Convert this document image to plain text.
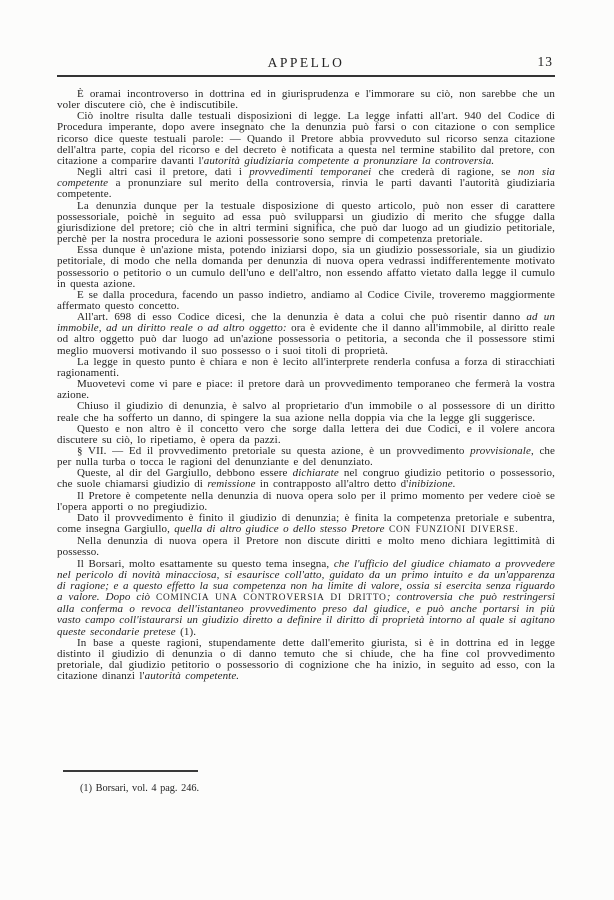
APPELLO	13

È oramai incontroverso in dottrina ed in giurisprudenza e l'immorare su ciò, non sarebbe che un voler discutere ciò, che è indiscutibile.

Ciò inoltre risulta dalle testuali disposizioni di legge. La legge infatti all'art. 940 del Codice di Procedura imperante, dopo avere insegnato che la denunzia può farsi o con citazione o con semplice ricorso dice queste testuali parole: — Quando il Pretore abbia provveduto sul ricorso senza citazione dell'altra parte, copia del ricorso e del decreto è notificata a questa nel termine stabilito dal pretore, con citazione a comparire davanti l'autorità giudiziaria competente a pronunziare la controversia.

Negli altri casi il pretore, dati i provvedimenti temporanei che crederà di ragione, se non sia competente a pronunziare sul merito della controversia, rinvia le parti davanti l'autorità giudiziaria competente.

La denunzia dunque per la testuale disposizione di questo articolo, può non esser di carattere possessoriale, poichè in seguito ad essa può svilupparsi un giudizio di merito che sfugge dalla giurisdizione del pretore; ciò che in altri termini significa, che può dar luogo ad un giudizio petitoriale, perchè per la nostra procedura le azioni possessorie sono sempre di competenza pretoriale.

Essa dunque è un'azione mista, potendo iniziarsi dopo, sia un giudizio possessoriale, sia un giudizio petitoriale, di modo che nella domanda per denunzia di nuova opera vedrassi indifferentemente motivato possessorio o petitorio o un cumulo dell'uno e dell'altro, non essendo affatto vietato dalla legge il cumulo in questa azione.

E se dalla procedura, facendo un passo indietro, andiamo al Codice Civile, troveremo maggiormente affermato questo concetto.

All'art. 698 di esso Codice dicesi, che la denunzia è data a colui che può risentir danno ad un immobile, ad un diritto reale o ad altro oggetto: ora è evidente che il danno all'immobile, al diritto reale od altro oggetto può dar luogo ad un'azione possessoria o petitoria, a seconda che il possessore stimi meglio muoversi motivando il suo possesso o i suoi titoli di proprietà.

La legge in questo punto è chiara e non è lecito all'interprete renderla confusa a forza di stiracchiati ragionamenti.

Muovetevi come vi pare e piace: il pretore darà un provvedimento temporaneo che fermerà la vostra azione.

Chiuso il giudizio di denunzia, è salvo al proprietario d'un immobile o al possessore di un diritto reale che ha sofferto un danno, di spingere la sua azione nella doppia via che la legge gli suggerisce.

Questo e non altro è il concetto vero che sorge dalla lettera dei due Codici, e il volere ancora discutere su ciò, lo ripetiamo, è opera da pazzi.

§ VII. — Ed il provvedimento pretoriale su questa azione, è un provvedimento provvisionale, che per nulla turba o tocca le ragioni del denunziante e del denunziato.

Queste, al dir del Gargiullo, debbono essere dichiarate nel congruo giudizio petitorio o possessorio, che suole chiamarsi giudizio di remissione in contrapposto all'altro detto d'inibizione.

Il Pretore è competente nella denunzia di nuova opera solo per il primo momento per vedere cioè se l'opera apporti o no pregiudizio.

Dato il provvedimento è finito il giudizio di denunzia; è finita la competenza pretoriale e subentra, come insegna Gargiullo, quella di altro giudice o dello stesso Pretore CON FUNZIONI DIVERSE.

Nella denunzia di nuova opera il Pretore non discute diritti e molto meno dichiara legittimità di possesso.

Il Borsari, molto esattamente su questo tema insegna, che l'ufficio del giudice chiamato a provvedere nel pericolo di novità minacciosa, si esaurisce coll'atto, guidato da un primo intuito e da un'apparenza di ragione; e a questo effetto la sua competenza non ha limite di valore, ossia si esercita senza riguardo a valore. Dopo ciò COMINCIA UNA CONTROVERSIA DI DRITTO; controversia che può restringersi alla conferma o revoca dell'istantaneo provvedimento preso dal giudice, e può anche portarsi in più vasto campo coll'istaurarsi un giudizio diretto a definire il diritto di proprietà intorno al quale si agitano queste secondarie pretese (1).

In base a queste ragioni, stupendamente dette dall'emerito giurista, si è in dottrina ed in legge distinto il giudizio di denunzia o di danno temuto che si chiude, che ha fine col provvedimento pretoriale, dal giudizio petitorio o possessorio di cognizione che ha inizio, in seguito ad esso, con la citazione dinanzi l'autorità competente.

(1) Borsari, vol. 4 pag. 246.
